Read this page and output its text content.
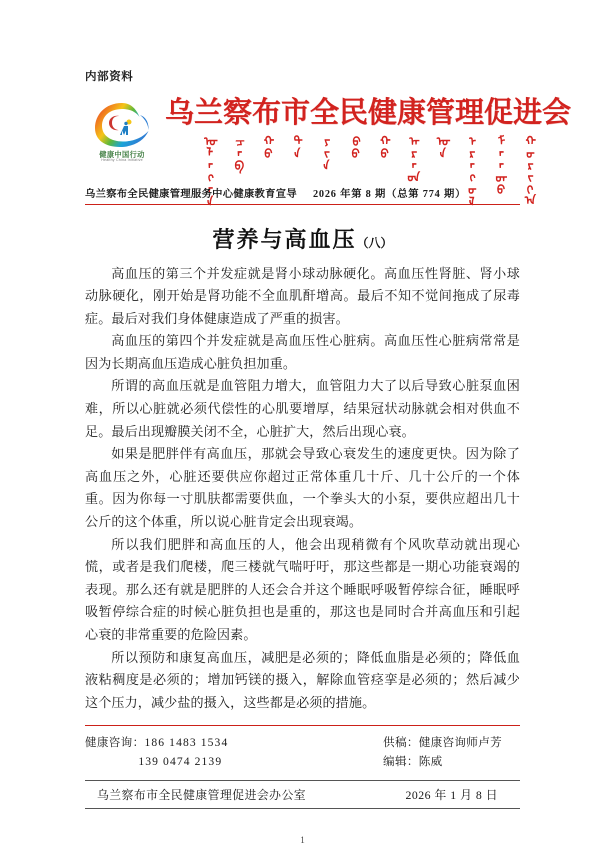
内部资料
健康中国行动
Healthy China Initiative
乌兰察布市全民健康管理促进会
ᠤᠯᠠᠭᠠᠨ ᠴᠠᠪ ᠬᠣ ᠲᠠ ᠶᠢᠨ ᠪᠦ ᠬᠦ ᠠᠷᠠᠳ ᠤᠨ ᠡᠷᠡᠭᠦᠯ ᠮᠡᠨᠳᠦ ᠬᠣᠷᠢᠶ᠎ᠠ
乌兰察布全民健康管理服务中心健康教育宣导 2026 年第 8 期（总第 774 期）
营养与高血压（八）

高血压的第三个并发症就是肾小球动脉硬化。高血压性肾脏、肾小球动脉硬化，刚开始是肾功能不全血肌酐增高。最后不知不觉间拖成了尿毒症。最后对我们身体健康造成了严重的损害。

高血压的第四个并发症就是高血压性心脏病。高血压性心脏病常常是因为长期高血压造成心脏负担加重。

所谓的高血压就是血管阻力增大，血管阻力大了以后导致心脏泵血困难，所以心脏就必须代偿性的心肌要增厚，结果冠状动脉就会相对供血不足。最后出现瓣膜关闭不全，心脏扩大，然后出现心衰。

如果是肥胖伴有高血压，那就会导致心衰发生的速度更快。因为除了高血压之外，心脏还要供应你超过正常体重几十斤、几十公斤的一个体重。因为你每一寸肌肤都需要供血，一个拳头大的小泵，要供应超出几十公斤的这个体重，所以说心脏肯定会出现衰竭。

所以我们肥胖和高血压的人，他会出现稍微有个风吹草动就出现心慌，或者是我们爬楼，爬三楼就气喘吁吁，那这些都是一期心功能衰竭的表现。那么还有就是肥胖的人还会合并这个睡眠呼吸暂停综合征，睡眠呼吸暂停综合症的时候心脏负担也是重的，那这也是同时合并高血压和引起心衰的非常重要的危险因素。

所以预防和康复高血压，减肥是必须的；降低血脂是必须的；降低血液粘稠度是必须的；增加钙镁的摄入，解除血管痉挛是必须的；然后减少这个压力，减少盐的摄入，这些都是必须的措施。

健康咨询：186 1483 1534
139 0474 2139
供稿：健康咨询师卢芳
编辑：陈威
乌兰察布市全民健康管理促进会办公室	2026 年 1 月 8 日
1
